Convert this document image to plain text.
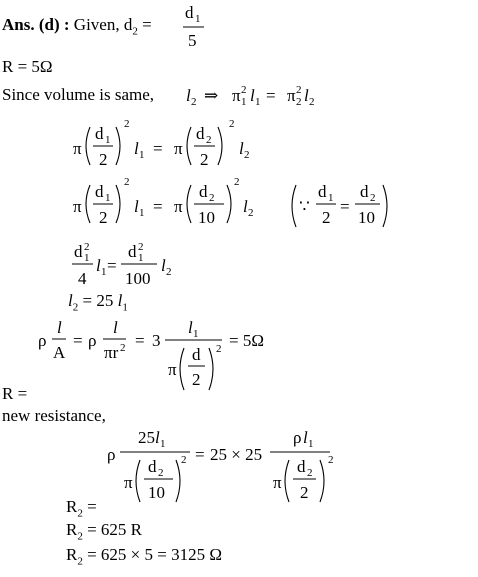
Ans. (d) : Given, $d_2$ =
R = 5Ω
Since volume is same,
$l_2 = 25$ $l_1$
R =
new resistance,
$R_2$ =
$R_2 = 625$ R
$R_2 = 625 \times 5 = 3125$ Ω
d 1
5
l 2 ⇒ π 2
1 l 1 = π 2
2 l 2
π
d 1
2
2
l 1 = π
d 2
2
2
l 2
π
d 1
2
2
l 1 = π
d 2
10
2
l 2	∵
d 1
2
=
d 2
10
d 2
1
4
l 1 =
d 2
1
100
l 2
ρ
l
A
= ρ
l
πr 2 = 3
l 1
π
d
2
2 = 5Ω
ρ
25 l 1
π
d 2
10
2 = 25 × 25
ρ l 1
π
d 2
2
2
